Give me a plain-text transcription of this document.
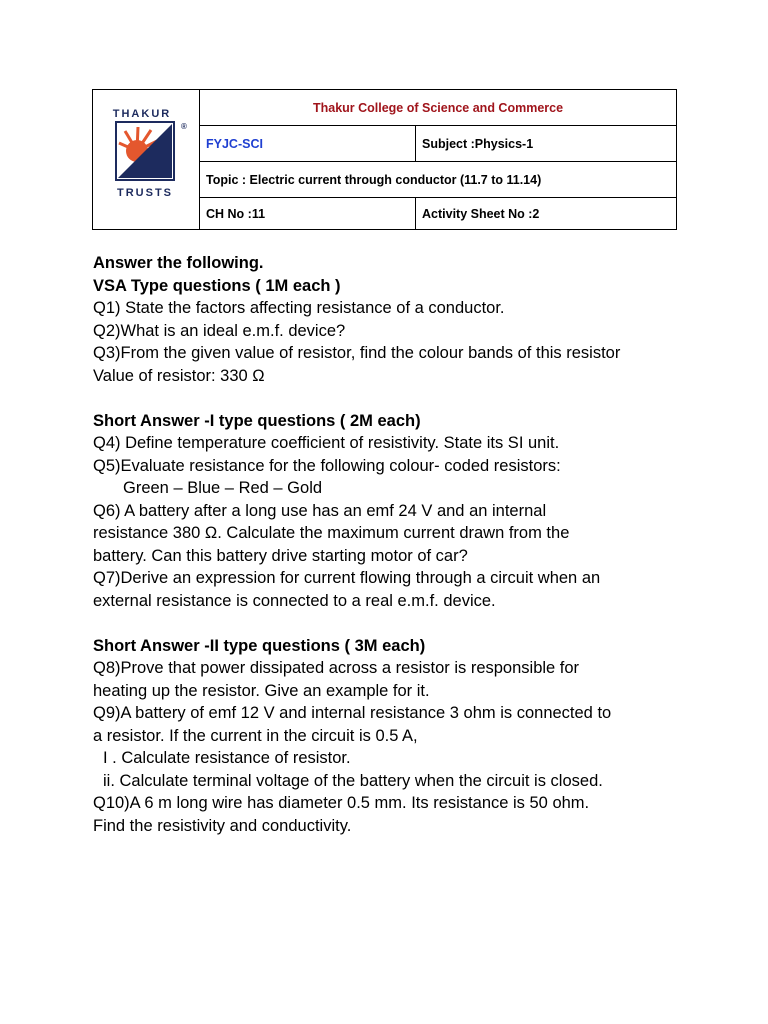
THAKUR
®
TRUSTS	Thakur College of Science and Commerce	
	FYJC-SCI	Subject :Physics-1
	Topic : Electric current through conductor (11.7 to 11.14)	
	CH No :11	Activity Sheet No :2

Answer the following.

VSA Type questions ( 1M each )

Q1) State the factors affecting resistance of a conductor.

Q2)What is an ideal e.m.f. device?

Q3)From the given value of resistor, find the colour bands of this resistor

Value of resistor: 330 Ω

Short Answer -I type questions ( 2M each)

Q4) Define temperature coefficient of resistivity. State its SI unit.

Q5)Evaluate resistance for the following colour- coded resistors:

Green – Blue – Red – Gold

Q6) A battery after a long use has an emf 24 V and an internal

resistance 380 Ω. Calculate the maximum current drawn from the

battery. Can this battery drive starting motor of car?

Q7)Derive an expression for current flowing through a circuit when an

external resistance is connected to a real e.m.f. device.

Short Answer -II type questions ( 3M each)

Q8)Prove that power dissipated across a resistor is responsible for

heating up the resistor. Give an example for it.

Q9)A battery of emf 12 V and internal resistance 3 ohm is connected to

a resistor. If the current in the circuit is 0.5 A,

I . Calculate resistance of resistor.

ii. Calculate terminal voltage of the battery when the circuit is closed.

Q10)A 6 m long wire has diameter 0.5 mm. Its resistance is 50 ohm.

Find the resistivity and conductivity.
